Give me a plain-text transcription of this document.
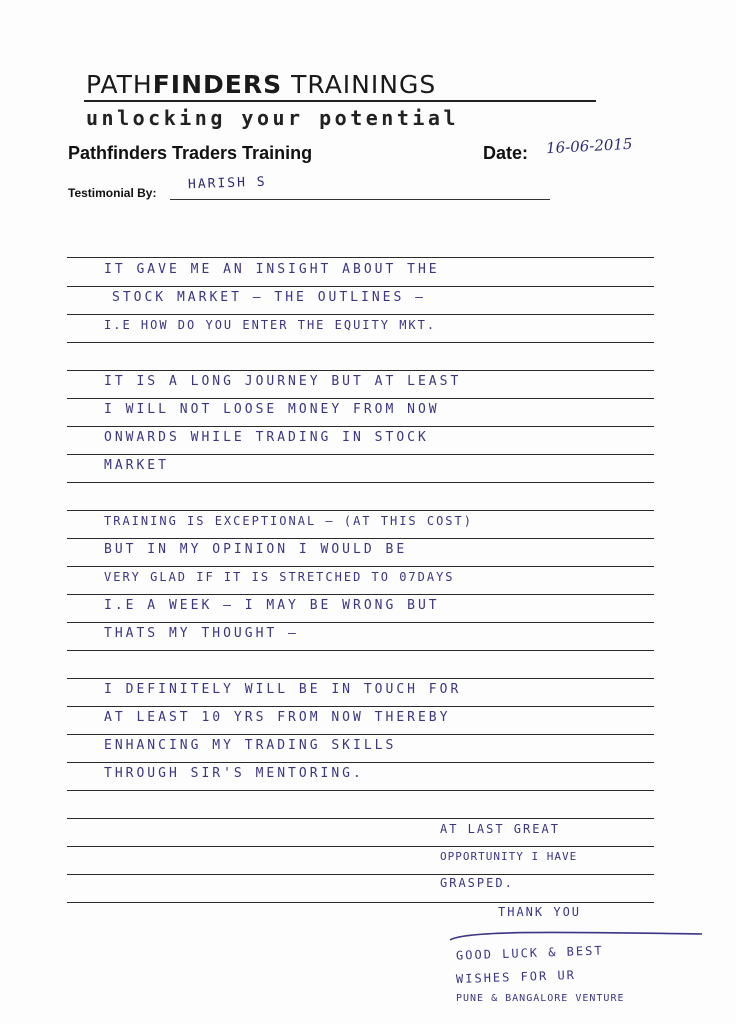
PATHFINDERS TRAININGS
unlocking your potential
Pathfinders Traders Training	Date: 16-06-2015
Testimonial By:
HARISH S
IT GAVE ME AN INSIGHT ABOUT THE
STOCK MARKET — THE OUTLINES —
I.E HOW DO YOU ENTER THE EQUITY MKT.
IT IS A LONG JOURNEY BUT AT LEAST
I WILL NOT LOOSE MONEY FROM NOW
ONWARDS WHILE TRADING IN STOCK
MARKET
TRAINING IS EXCEPTIONAL — (AT THIS COST)
BUT IN MY OPINION I WOULD BE
VERY GLAD IF IT IS STRETCHED TO 07DAYS
I.E A WEEK — I MAY BE WRONG BUT
THATS MY THOUGHT —
I DEFINITELY WILL BE IN TOUCH FOR
AT LEAST 10 YRS FROM NOW THEREBY
ENHANCING MY TRADING SKILLS
THROUGH SIR'S MENTORING.
AT LAST GREAT
OPPORTUNITY I HAVE
GRASPED.
THANK YOU
GOOD LUCK & BEST
WISHES FOR UR
PUNE & BANGALORE VENTURE
